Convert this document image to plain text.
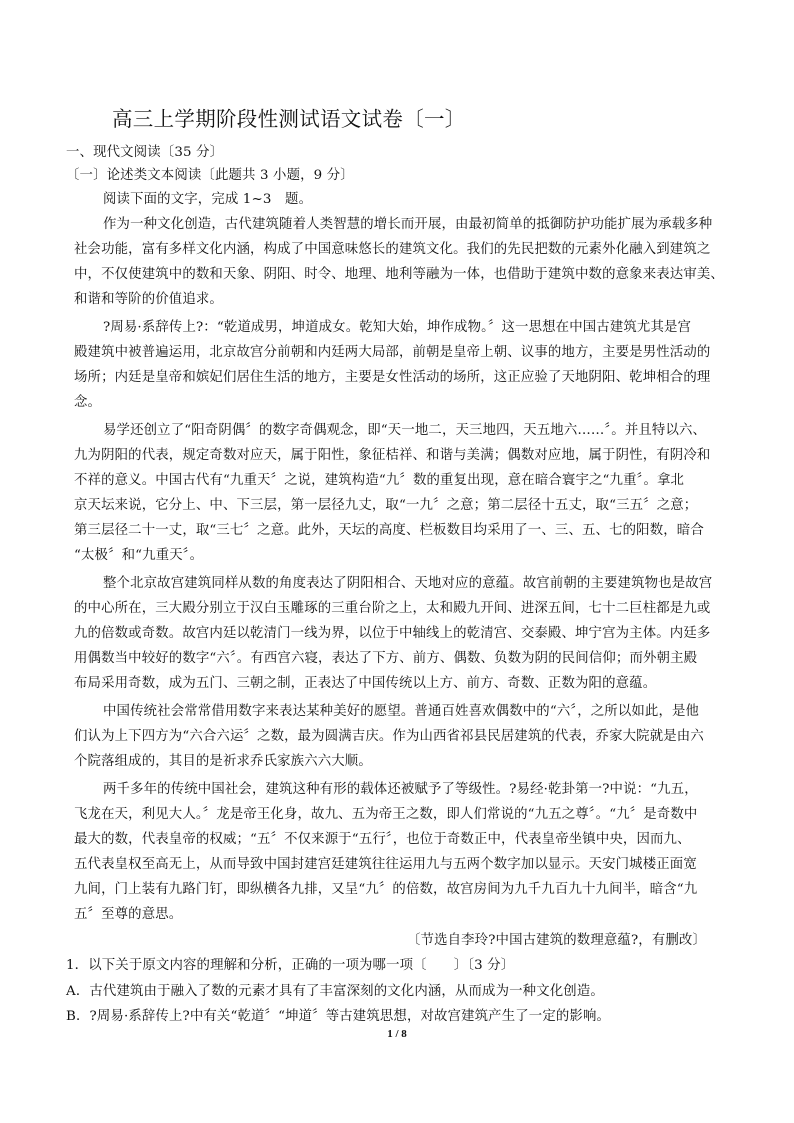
高三上学期阶段性测试语文试卷〔一〕
一、现代文阅读〔35 分〕
〔一〕论述类文本阅读〔此题共 3 小题，9 分〕
阅读下面的文字，完成 1~3　题。
作为一种文化创造，古代建筑随着人类智慧的增长而开展，由最初简单的抵御防护功能扩展为承载多种
社会功能，富有多样文化内涵，构成了中国意味悠长的建筑文化。我们的先民把数的元素外化融入到建筑之
中，不仅使建筑中的数和天象、阴阳、时令、地理、地利等融为一体，也借助于建筑中数的意象来表达审美、
和谐和等阶的价值追求。
?周易·系辞传上?：“乾道成男，坤道成女。乾知大始，坤作成物。〞这一思想在中国古建筑尤其是宫
殿建筑中被普遍运用，北京故宫分前朝和内廷两大局部，前朝是皇帝上朝、议事的地方，主要是男性活动的
场所；内廷是皇帝和嫔妃们居住生活的地方，主要是女性活动的场所，这正应验了天地阴阳、乾坤相合的理
念。
易学还创立了“阳奇阴偶〞的数字奇偶观念，即“天一地二，天三地四，天五地六……〞。并且特以六、
九为阴阳的代表，规定奇数对应天，属于阳性，象征桔祥、和谐与美满；偶数对应地，属于阴性，有阴冷和
不祥的意义。中国古代有“九重天〞之说，建筑构造“九〞数的重复出现，意在暗合寰宇之“九重〞。拿北
京天坛来说，它分上、中、下三层，第一层径九丈，取“一九〞之意；第二层径十五丈，取“三五〞之意；
第三层径二十一丈，取“三七〞之意。此外，天坛的高度、栏板数目均采用了一、三、五、七的阳数，暗合
“太极〞和“九重天〞。
整个北京故宫建筑同样从数的角度表达了阴阳相合、天地对应的意蕴。故宫前朝的主要建筑物也是故宫
的中心所在，三大殿分别立于汉白玉雕琢的三重台阶之上，太和殿九开间、进深五间，七十二巨柱都是九或
九的倍数或奇数。故宫内廷以乾清门一线为界，以位于中轴线上的乾清宫、交泰殿、坤宁宫为主体。内廷多
用偶数当中较好的数字“六〞。有西宫六寝，表达了下方、前方、偶数、负数为阴的民间信仰；而外朝主殿
布局采用奇数，成为五门、三朝之制，正表达了中国传统以上方、前方、奇数、正数为阳的意蕴。
中国传统社会常常借用数字来表达某种美好的愿望。普通百姓喜欢偶数中的“六〞，之所以如此，是他
们认为上下四方为“六合六运〞之数，最为圆满吉庆。作为山西省祁县民居建筑的代表，乔家大院就是由六
个院落组成的，其目的是祈求乔氏家族六六大顺。
两千多年的传统中国社会，建筑这种有形的载体还被赋予了等级性。?易经·乾卦第一?中说：“九五，
飞龙在天，利见大人。〞龙是帝王化身，故九、五为帝王之数，即人们常说的“九五之尊〞。“九〞是奇数中
最大的数，代表皇帝的权威；“五〞不仅来源于“五行〞，也位于奇数正中，代表皇帝坐镇中央，因而九、
五代表皇权至高无上，从而导致中国封建宫廷建筑往往运用九与五两个数字加以显示。天安门城楼正面宽
九间，门上装有九路门钉，即纵横各九排，又呈“九〞的倍数，故宫房间为九千九百九十九间半，暗含“九
五〞至尊的意思。
〔节选自李玲?中国古建筑的数理意蕴?，有删改〕
1．以下关于原文内容的理解和分析，正确的一项为哪一项〔　　〕〔3 分〕
A．古代建筑由于融入了数的元素才具有了丰富深刻的文化内涵，从而成为一种文化创造。
B．?周易·系辞传上?中有关“乾道〞“坤道〞等古建筑思想，对故宫建筑产生了一定的影响。
1 / 8
